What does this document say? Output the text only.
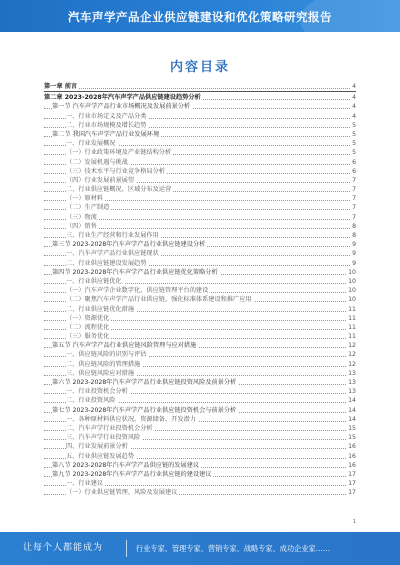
汽车声学产品企业供应链建设和优化策略研究报告
内容目录
第一章 前言	4
第二章 2023-2028年汽车声学产品供应链建设趋势分析	4
第一节 汽车声学产品行业市场概况及发展前景分析	4
一、行业市场定义及产品分类	4
二、行业市场规模及增长趋势	5
第二节 我国汽车声学产品行业发展环境	5
一、行业发展概况	5
（一）行业政策环境及产业链结构分析	5
（二）发展机遇与挑战	6
（三）技术水平与行业竞争格局分析	6
（四）行业发展前景展望	7
二、行业供应链概况、区域分布及运营	7
（一）原材料	7
（二）生产制造	7
（三）物流	7
（四）销售	8
三、行业生产经营和行业发展作用	8
第三节 2023-2028年汽车声学产品行业供应链建设分析	9
一、汽车声学产品行业供应链现状	9
二、行业供应链建设发展趋势	9
第四节 2023-2028年汽车声学产品行业供应链优化策略分析	10
一、行业供应链优化	10
（一）汽车声学企业数字化，供应链管理平台的建设	10
（二）聚焦汽车声学产品行业供应链，强化标准体系建设和推广应用	10
二、行业供应链优化措施	11
（一）资源优化	11
（二）流程优化	11
（三）服务优化	11
第五节 汽车声学产品行业供应链风险管理与应对措施	12
一、供应链风险的识别与评估	12
二、供应链风险的管理措施	12
三、供应链风险应对措施	13
第六节 2023-2028年汽车声学产品行业供应链投资风险及前景分析	13
一、行业投资机会分析	13
二、行业投资风险	14
第七节 2023-2028年汽车声学产品行业供应链投资机会与前景分析	14
一、各种原材料供应状况、资源储备、开发潜力	14
二、汽车声学行业投资机会分析	15
三、汽车声学行业投资风险	15
四、行业发展前景分析	16
五、行业供应链发展趋势	16
第八节 2023-2028年汽车声学产品供应链的发展建议	16
第九节 2023-2028年汽车声学产品行业供应链的建设建议	17
一、行业建议	17
（一）行业供应链管理、风险及发展建议	17
1
让每个人都能成为	行业专家、管理专家、营销专家、战略专家、成功企业家……
